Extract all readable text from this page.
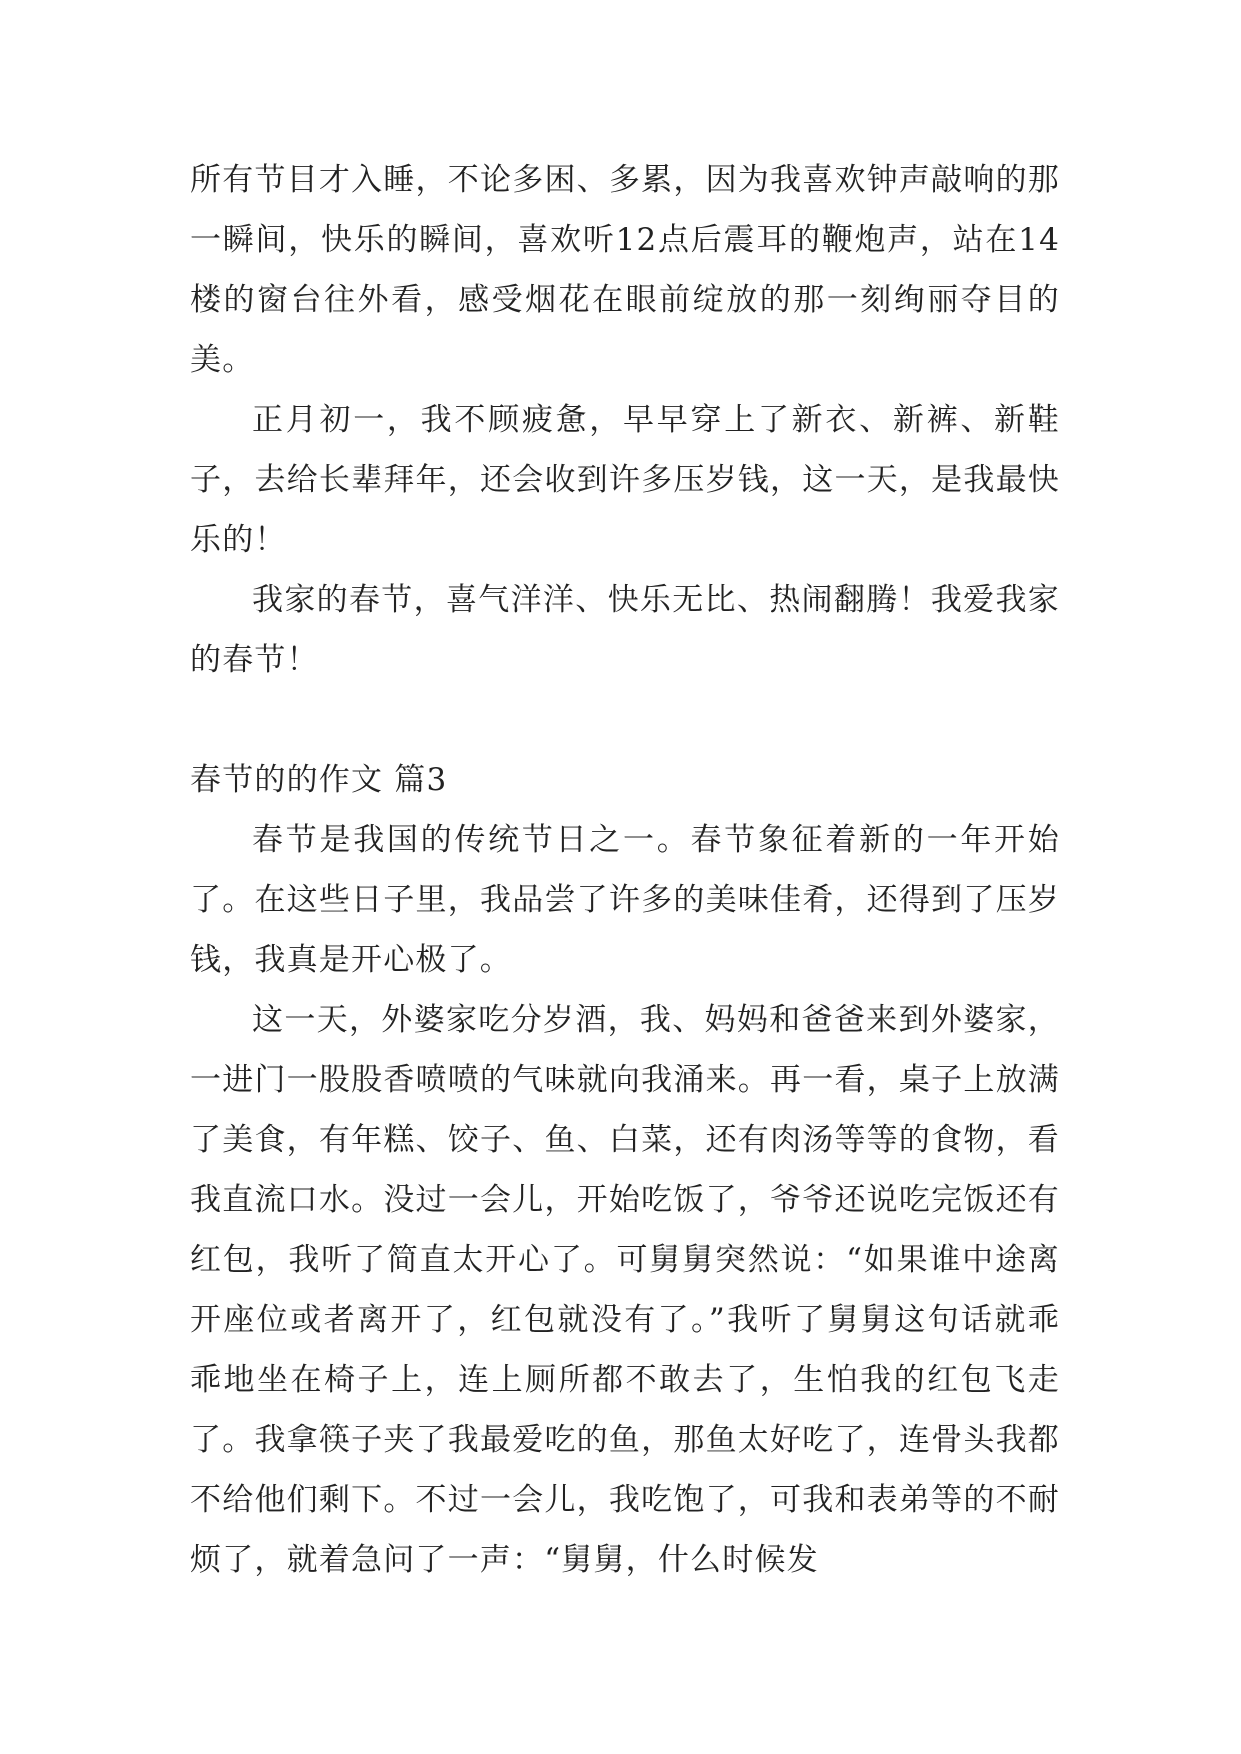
所有节目才入睡，不论多困、多累，因为我喜欢钟声敲响的那一瞬间，快乐的瞬间，喜欢听12点后震耳的鞭炮声，站在14楼的窗台往外看，感受烟花在眼前绽放的那一刻绚丽夺目的美。

正月初一，我不顾疲惫，早早穿上了新衣、新裤、新鞋子，去给长辈拜年，还会收到许多压岁钱，这一天，是我最快乐的！

我家的春节，喜气洋洋、快乐无比、热闹翻腾！我爱我家的春节！

春节的的作文 篇3

春节是我国的传统节日之一。春节象征着新的一年开始了。在这些日子里，我品尝了许多的美味佳肴，还得到了压岁钱，我真是开心极了。

这一天，外婆家吃分岁酒，我、妈妈和爸爸来到外婆家，一进门一股股香喷喷的气味就向我涌来。再一看，桌子上放满了美食，有年糕、饺子、鱼、白菜，还有肉汤等等的食物，看我直流口水。没过一会儿，开始吃饭了，爷爷还说吃完饭还有红包，我听了简直太开心了。可舅舅突然说：“如果谁中途离开座位或者离开了，红包就没有了。”我听了舅舅这句话就乖乖地坐在椅子上，连上厕所都不敢去了，生怕我的红包飞走了。我拿筷子夹了我最爱吃的鱼，那鱼太好吃了，连骨头我都不给他们剩下。不过一会儿，我吃饱了，可我和表弟等的不耐烦了，就着急问了一声：“舅舅，什么时候发
